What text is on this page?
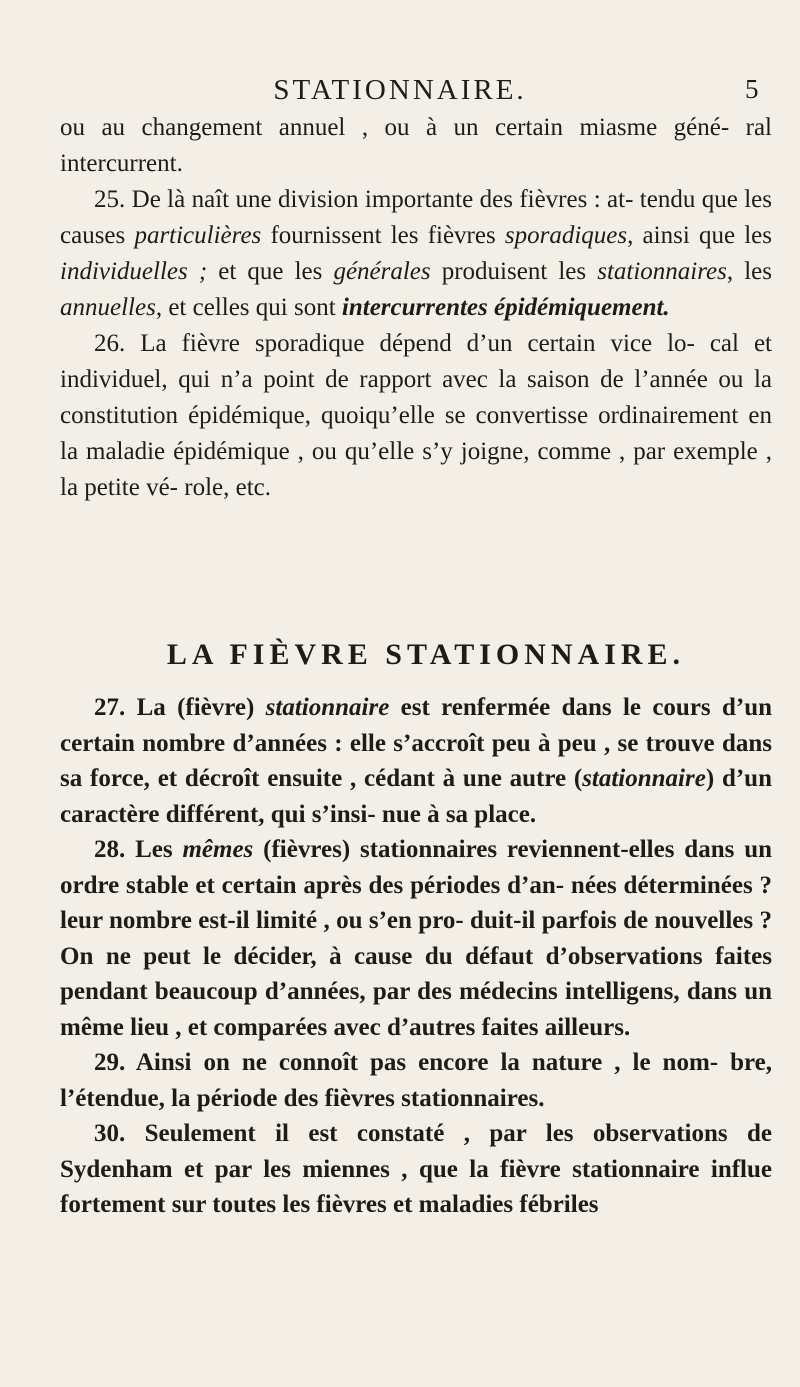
STATIONNAIRE.	5

ou au changement annuel , ou à un certain miasme géné- ral intercurrent.

25. De là naît une division importante des fièvres : at- tendu que les causes particulières fournissent les fièvres sporadiques, ainsi que les individuelles ; et que les générales produisent les stationnaires, les annuelles, et celles qui sont intercurrentes épidémiquement.

26. La fièvre sporadique dépend d’un certain vice lo- cal et individuel, qui n’a point de rapport avec la saison de l’année ou la constitution épidémique, quoiqu’elle se convertisse ordinairement en la maladie épidémique , ou qu’elle s’y joigne, comme , par exemple , la petite vé- role, etc.

LA FIÈVRE STATIONNAIRE.

27. La (fièvre) stationnaire est renfermée dans le cours d’un certain nombre d’années : elle s’accroît peu à peu , se trouve dans sa force, et décroît ensuite , cédant à une autre (stationnaire) d’un caractère différent, qui s’insi- nue à sa place.

28. Les mêmes (fièvres) stationnaires reviennent-elles dans un ordre stable et certain après des périodes d’an- nées déterminées ? leur nombre est-il limité , ou s’en pro- duit-il parfois de nouvelles ? On ne peut le décider, à cause du défaut d’observations faites pendant beaucoup d’années, par des médecins intelligens, dans un même lieu , et comparées avec d’autres faites ailleurs.

29. Ainsi on ne connoît pas encore la nature , le nom- bre, l’étendue, la période des fièvres stationnaires.

30. Seulement il est constaté , par les observations de Sydenham et par les miennes , que la fièvre stationnaire influe fortement sur toutes les fièvres et maladies fébriles
